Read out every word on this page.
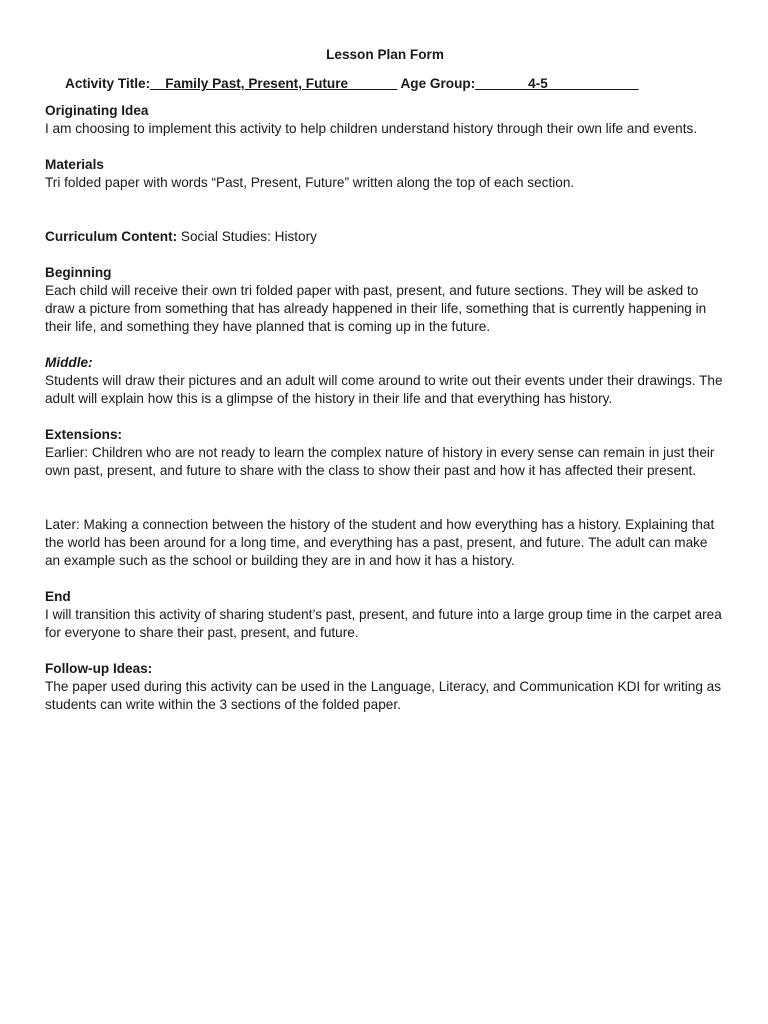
Lesson Plan Form

Activity Title:__Family Past, Present, Future ______ Age Group:_______4-5____________

Originating Idea

I am choosing to implement this activity to help children understand history through their own life and events.

Materials

Tri folded paper with words “Past, Present, Future” written along the top of each section.

Curriculum Content: Social Studies: History

Beginning

Each child will receive their own tri folded paper with past, present, and future sections. They will be asked to draw a picture from something that has already happened in their life, something that is currently happening in their life, and something they have planned that is coming up in the future.

Middle:

Students will draw their pictures and an adult will come around to write out their events under their drawings. The adult will explain how this is a glimpse of the history in their life and that everything has history.

Extensions:

Earlier: Children who are not ready to learn the complex nature of history in every sense can remain in just their own past, present, and future to share with the class to show their past and how it has affected their present.

Later: Making a connection between the history of the student and how everything has a history. Explaining that the world has been around for a long time, and everything has a past, present, and future. The adult can make an example such as the school or building they are in and how it has a history.

End

I will transition this activity of sharing student’s past, present, and future into a large group time in the carpet area for everyone to share their past, present, and future.

Follow-up Ideas:

The paper used during this activity can be used in the Language, Literacy, and Communication KDI for writing as students can write within the 3 sections of the folded paper.
